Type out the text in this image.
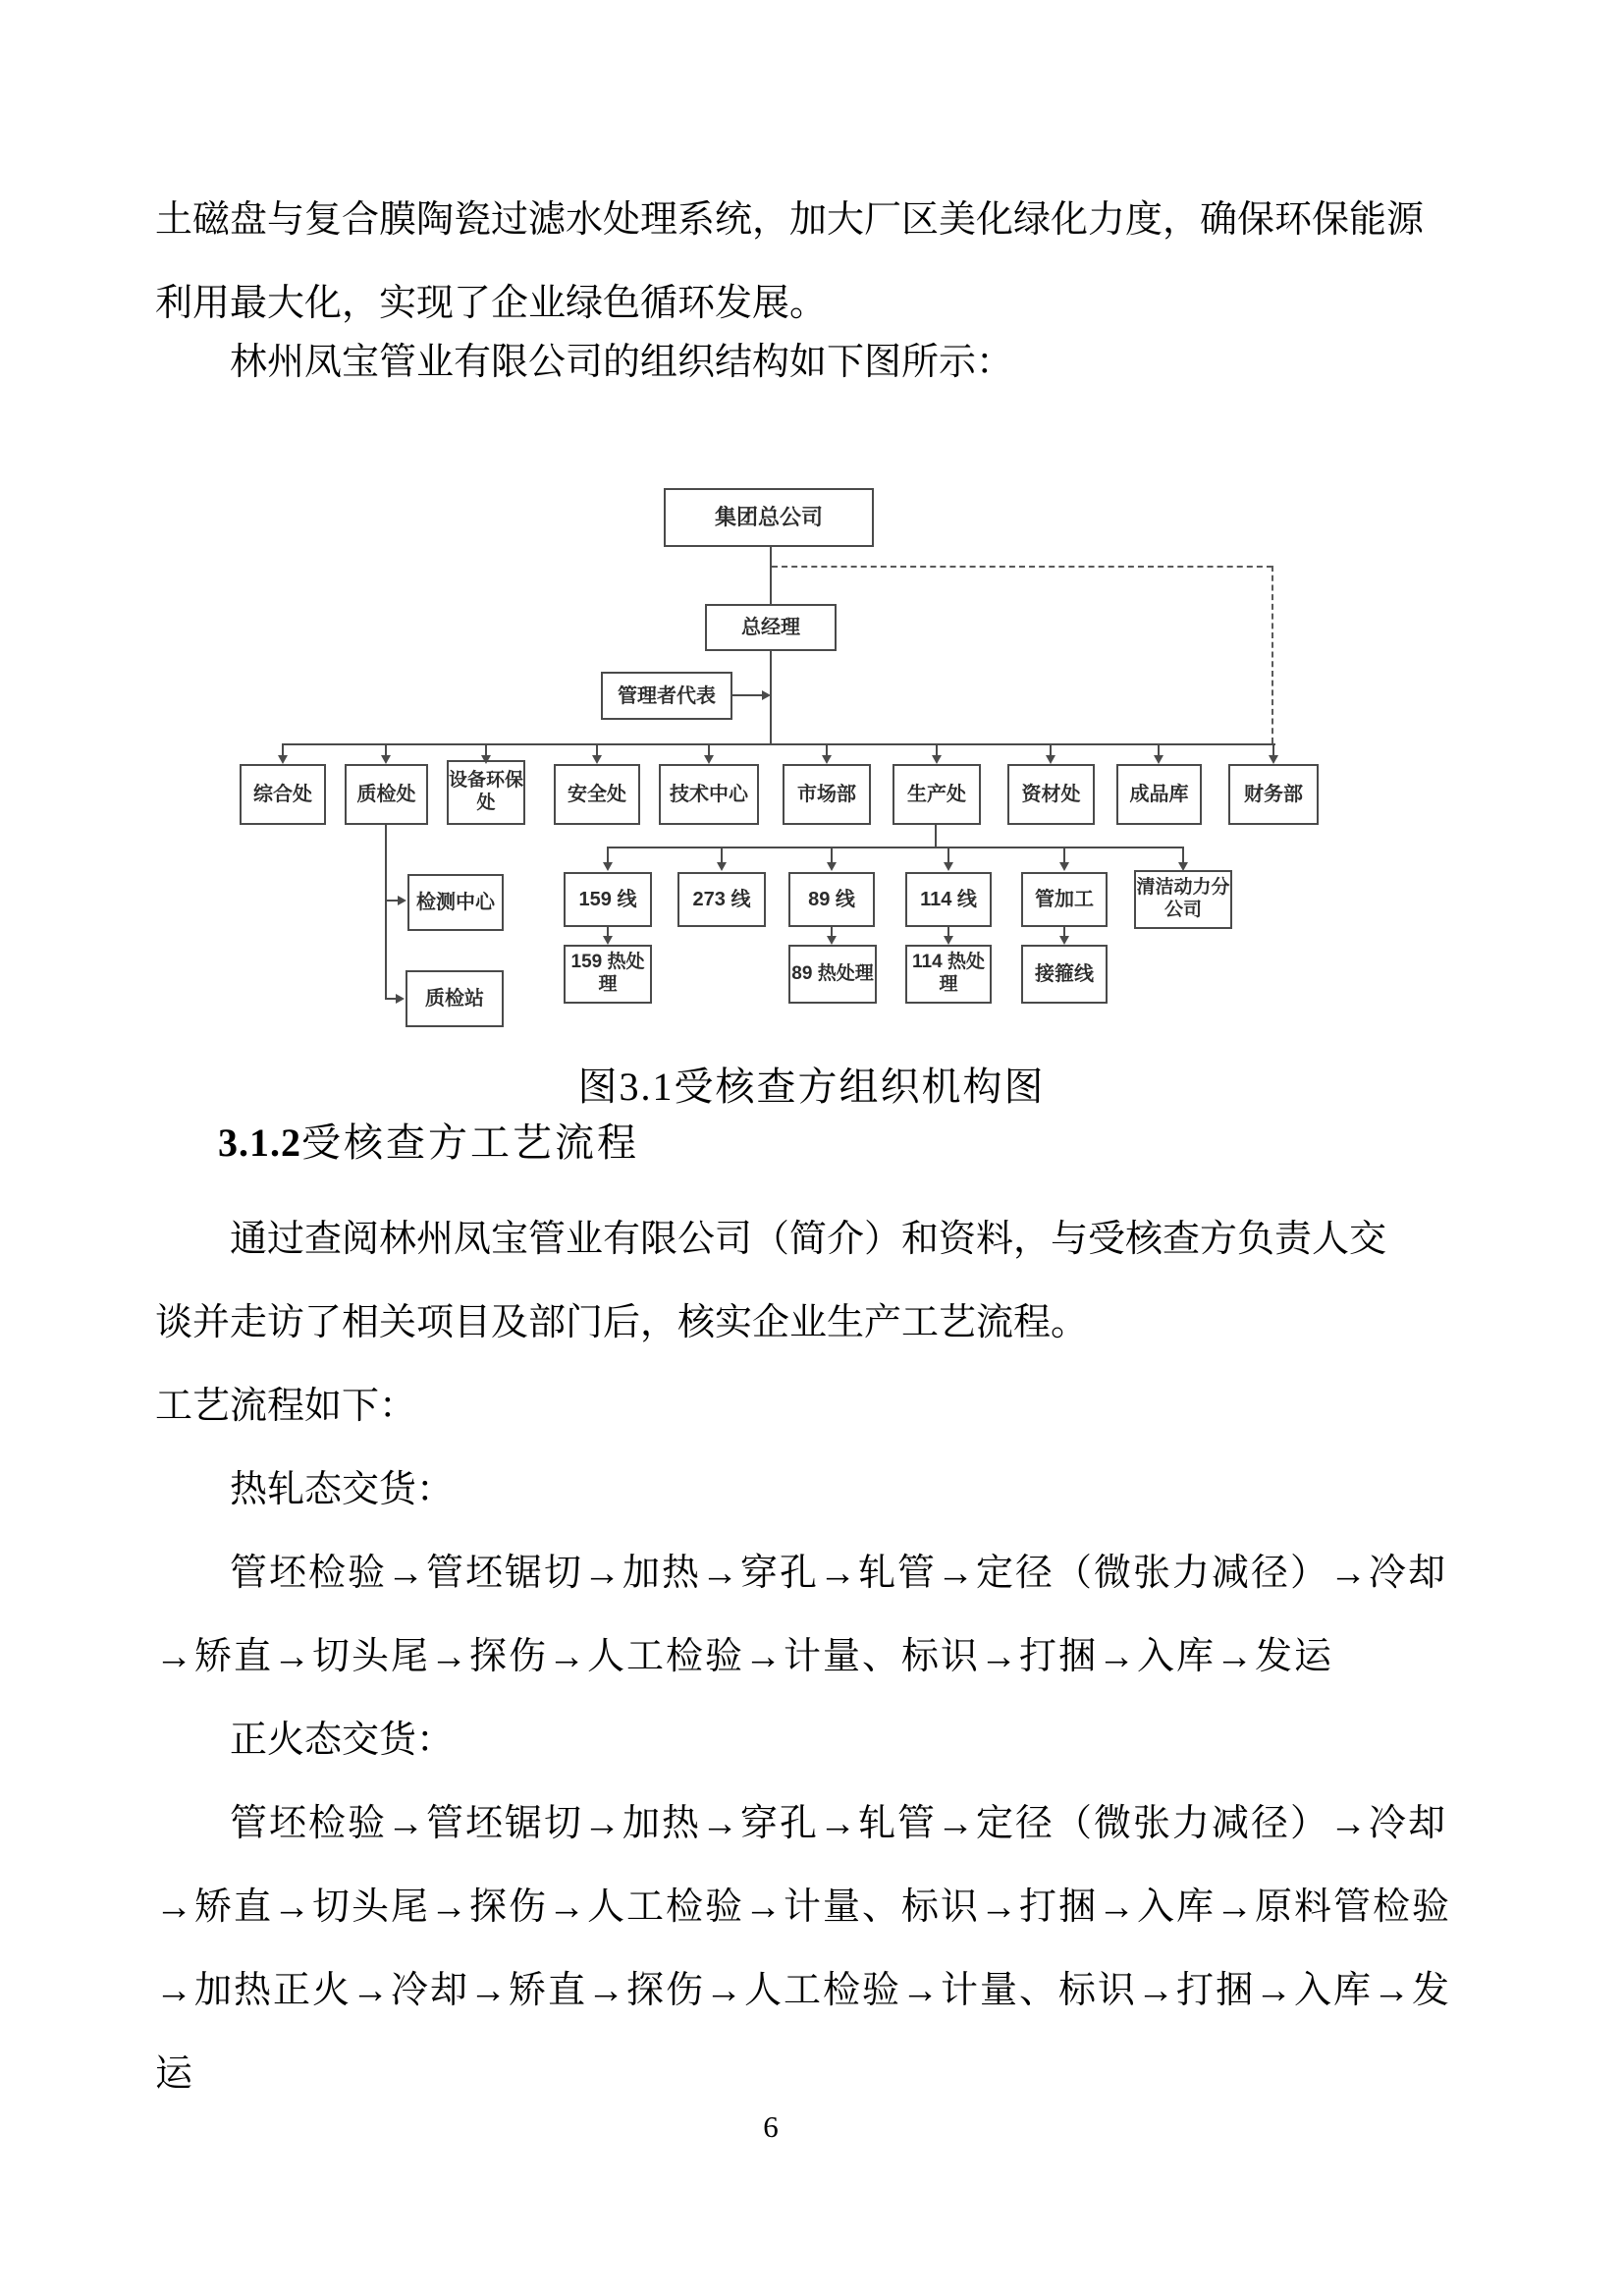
土磁盘与复合膜陶瓷过滤水处理系统，加大厂区美化绿化力度，确保环保能源
利用最大化，实现了企业绿色循环发展。
林州凤宝管业有限公司的组织结构如下图所示：
集团总公司
总经理
管理者代表
综合处	质检处
设备环保处	安全处	技术中心	市场部	生产处	资材处	成品库	财务部
检测中心
质检站
159 线	273 线	89 线	114 线	管加工
清洁动力分公司
159 热处理
89 热处理
114 热处理	接箍线
图3.1受核查方组织机构图
3.1.2受核查方工艺流程
通过查阅林州凤宝管业有限公司（简介）和资料，与受核查方负责人交
谈并走访了相关项目及部门后，核实企业生产工艺流程。
工艺流程如下：
热轧态交货：
管坯检验→管坯锯切→加热→穿孔→轧管→定径（微张力减径）→冷却
→矫直→切头尾→探伤→人工检验→计量、标识→打捆→入库→发运
正火态交货：
管坯检验→管坯锯切→加热→穿孔→轧管→定径（微张力减径）→冷却
→矫直→切头尾→探伤→人工检验→计量、标识→打捆→入库→原料管检验
→加热正火→冷却→矫直→探伤→人工检验→计量、标识→打捆→入库→发
运
6
